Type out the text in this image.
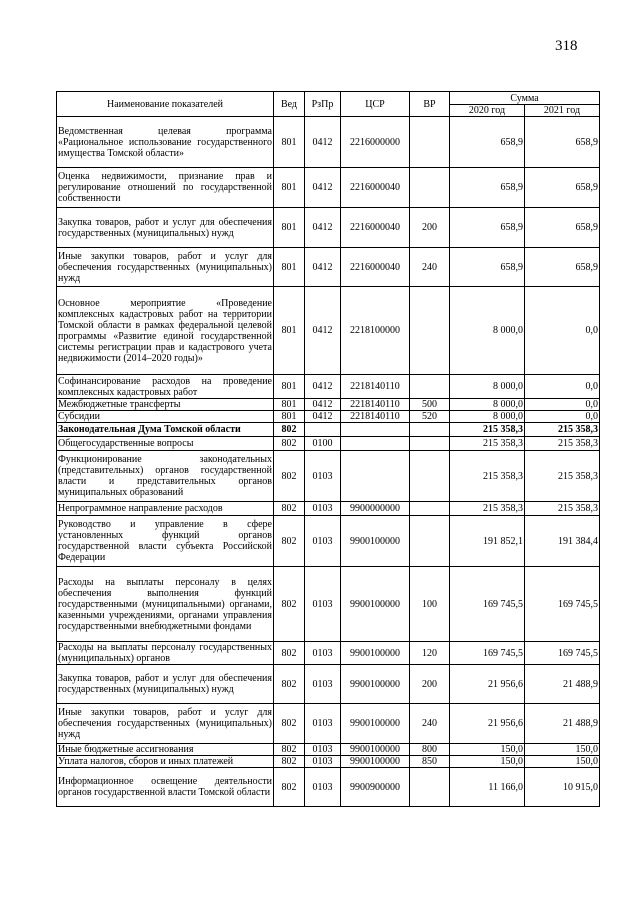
318
Наименование показателей	Вед	РзПр	ЦСР	ВР	Сумма	
					2020 год	2021 год
Ведомственная целевая программа «Рациональное использование государственного имущества Томской области»	801	0412	2216000000		658,9	658,9
Оценка недвижимости, признание прав и регулирование отношений по государственной собственности	801	0412	2216000040		658,9	658,9
Закупка товаров, работ и услуг для обеспечения государственных (муниципальных) нужд	801	0412	2216000040	200	658,9	658,9
Иные закупки товаров, работ и услуг для обеспечения государственных (муниципальных) нужд	801	0412	2216000040	240	658,9	658,9
Основное мероприятие «Проведение комплексных кадастровых работ на территории Томской области в рамках федеральной целевой программы «Развитие единой государственной системы регистрации прав и кадастрового учета недвижимости (2014–2020 годы)»	801	0412	2218100000		8 000,0	0,0
Софинансирование расходов на проведение комплексных кадастровых работ	801	0412	2218140110		8 000,0	0,0
Межбюджетные трансферты	801	0412	2218140110	500	8 000,0	0,0
Субсидии	801	0412	2218140110	520	8 000,0	0,0
Законодательная Дума Томской области	802				215 358,3	215 358,3
Общегосударственные вопросы	802	0100			215 358,3	215 358,3
Функционирование законодательных (представительных) органов государственной власти и представительных органов муниципальных образований	802	0103			215 358,3	215 358,3
Непрограммное направление расходов	802	0103	9900000000		215 358,3	215 358,3
Руководство и управление в сфере установленных функций органов государственной власти субъекта Российской Федерации	802	0103	9900100000		191 852,1	191 384,4
Расходы на выплаты персоналу в целях обеспечения выполнения функций государственными (муниципальными) органами, казенными учреждениями, органами управления государственными внебюджетными фондами	802	0103	9900100000	100	169 745,5	169 745,5
Расходы на выплаты персоналу государственных (муниципальных) органов	802	0103	9900100000	120	169 745,5	169 745,5
Закупка товаров, работ и услуг для обеспечения государственных (муниципальных) нужд	802	0103	9900100000	200	21 956,6	21 488,9
Иные закупки товаров, работ и услуг для обеспечения государственных (муниципальных) нужд	802	0103	9900100000	240	21 956,6	21 488,9
Иные бюджетные ассигнования	802	0103	9900100000	800	150,0	150,0
Уплата налогов, сборов и иных платежей	802	0103	9900100000	850	150,0	150,0
Информационное освещение деятельности органов государственной власти Томской области	802	0103	9900900000		11 166,0	10 915,0
